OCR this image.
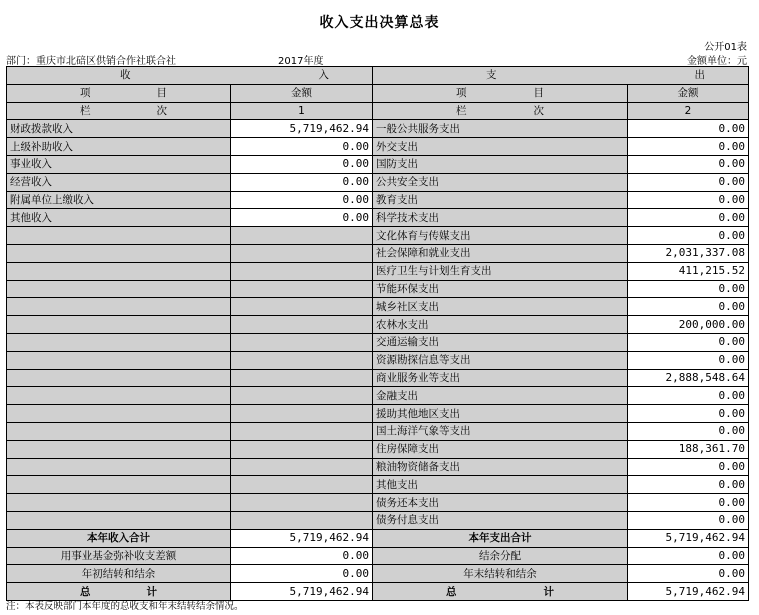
收入支出决算总表
公开01表
部门：重庆市北碚区供销合作社联合社	2017年度	金额单位：元
收 入		支 出	

项 目	金额	项 目	金额

栏 次	1	栏 次	2
财政拨款收入	5,719,462.94	一般公共服务支出	0.00
上级补助收入	0.00	外交支出	0.00
事业收入	0.00	国防支出	0.00
经营收入	0.00	公共安全支出	0.00
附属单位上缴收入	0.00	教育支出	0.00
其他收入	0.00	科学技术支出	0.00
		文化体育与传媒支出	0.00
		社会保障和就业支出	2,031,337.08
		医疗卫生与计划生育支出	411,215.52
		节能环保支出	0.00
		城乡社区支出	0.00
		农林水支出	200,000.00
		交通运输支出	0.00
		资源勘探信息等支出	0.00
		商业服务业等支出	2,888,548.64
		金融支出	0.00
		援助其他地区支出	0.00
		国土海洋气象等支出	0.00
		住房保障支出	188,361.70
		粮油物资储备支出	0.00
		其他支出	0.00
		债务还本支出	0.00
		债务付息支出	0.00
本年收入合计	5,719,462.94	本年支出合计	5,719,462.94
用事业基金弥补收支差额	0.00	结余分配	0.00
年初结转和结余	0.00	年末结转和结余	0.00

总 计	5,719,462.94	总 计	5,719,462.94
注：本表反映部门本年度的总收支和年末结转结余情况。
